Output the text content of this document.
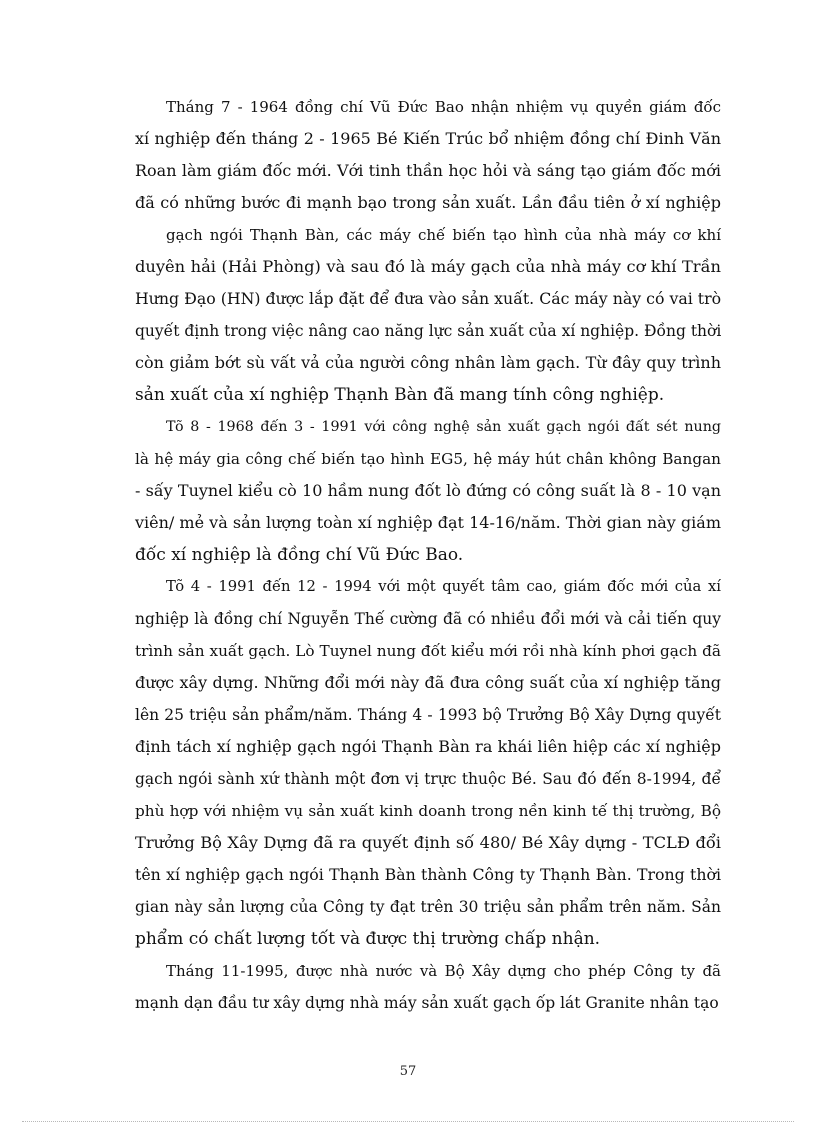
Tháng 7 - 1964 đồng chí Vũ Đức Bao nhận nhiệm vụ quyền giám đốc
xí nghiệp đến tháng 2 - 1965 Bé Kiến Trúc bổ nhiệm đồng chí Đinh Văn
Roan làm giám đốc mới. Với tinh thần học hỏi và sáng tạo giám đốc mới
đã có những bước đi mạnh bạo trong sản xuất. Lần đầu tiên ở xí nghiệp
gạch ngói Thạnh Bàn, các máy chế biến tạo hình của nhà máy cơ khí
duyên hải (Hải Phòng) và sau đó là máy gạch của nhà máy cơ khí Trần
Hưng Đạo (HN) được lắp đặt để đưa vào sản xuất. Các máy này có vai trò
quyết định trong việc nâng cao năng lực sản xuất của xí nghiệp. Đồng thời
còn giảm bớt sù vất vả của người công nhân làm gạch. Từ đây quy trình
sản xuất của xí nghiệp Thạnh Bàn đã mang tính công nghiệp.
Tõ 8 - 1968 đến 3 - 1991 với công nghệ sản xuất gạch ngói đất sét nung
là hệ máy gia công chế biến tạo hình EG5, hệ máy hút chân không Bangan
- sấy Tuynel kiểu cò 10 hầm nung đốt lò đứng có công suất là 8 - 10 vạn
viên/ mẻ và sản lượng toàn xí nghiệp đạt 14-16/năm. Thời gian này giám
đốc xí nghiệp là đồng chí Vũ Đức Bao.
Tõ 4 - 1991 đến 12 - 1994 với một quyết tâm cao, giám đốc mới của xí
nghiệp là đồng chí Nguyễn Thế cường đã có nhiều đổi mới và cải tiến quy
trình sản xuất gạch. Lò Tuynel nung đốt kiểu mới rồi nhà kính phơi gạch đã
được xây dựng. Những đổi mới này đã đưa công suất của xí nghiệp tăng
lên 25 triệu sản phẩm/năm. Tháng 4 - 1993 bộ Trưởng Bộ Xây Dựng quyết
định tách xí nghiệp gạch ngói Thạnh Bàn ra khái liên hiệp các xí nghiệp
gạch ngói sành xứ thành một đơn vị trực thuộc Bé. Sau đó đến 8-1994, để
phù hợp với nhiệm vụ sản xuất kinh doanh trong nền kinh tế thị trường, Bộ
Trưởng Bộ Xây Dựng đã ra quyết định số 480/ Bé Xây dựng - TCLĐ đổi
tên xí nghiệp gạch ngói Thạnh Bàn thành Công ty Thạnh Bàn. Trong thời
gian này sản lượng của Công ty đạt trên 30 triệu sản phẩm trên năm. Sản
phẩm có chất lượng tốt và được thị trường chấp nhận.
Tháng 11-1995, được nhà nước và Bộ Xây dựng cho phép Công ty đã
mạnh dạn đầu tư xây dựng nhà máy sản xuất gạch ốp lát Granite nhân tạo
57
